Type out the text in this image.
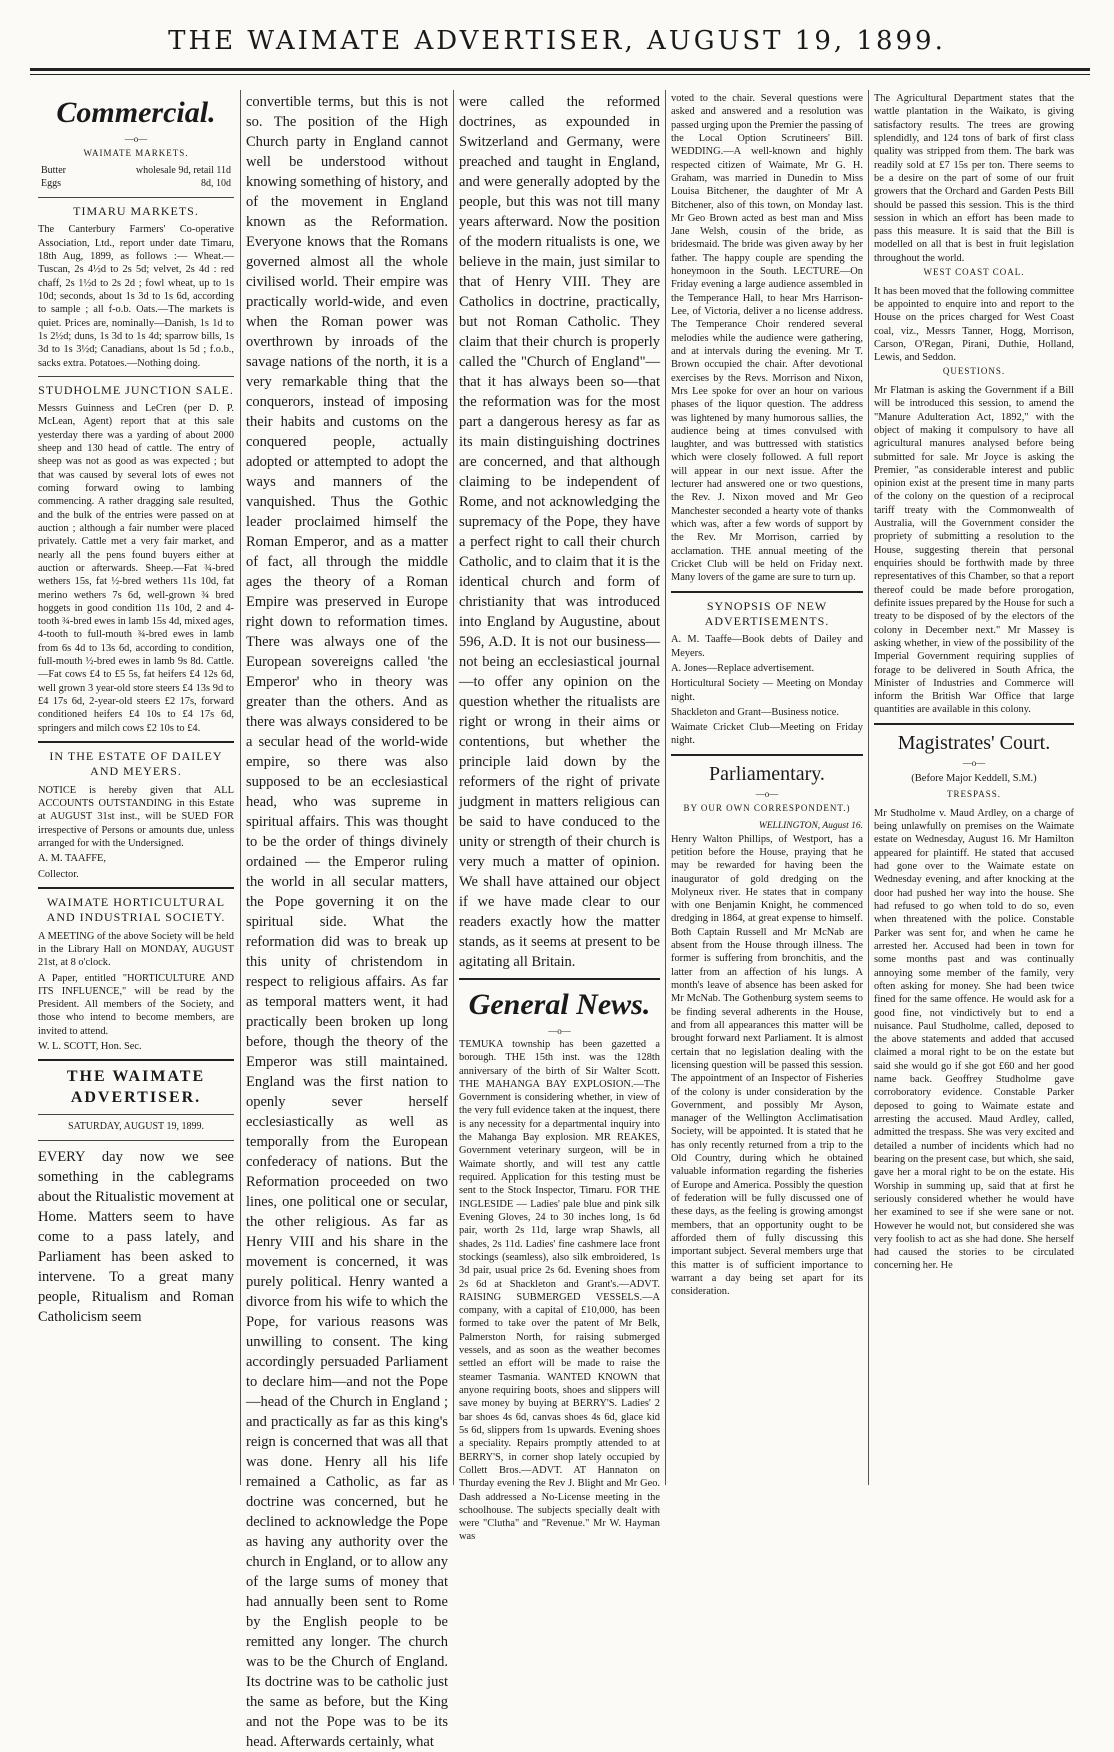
THE WAIMATE ADVERTISER, AUGUST 19, 1899.
Commercial.
—o—
WAIMATE MARKETS.
Butter	wholesale 9d, retail 11d
Eggs	8d, 10d
TIMARU MARKETS.

The Canterbury Farmers' Co-operative Association, Ltd., report under date Timaru, 18th Aug, 1899, as follows :— Wheat.—Tuscan, 2s 4½d to 2s 5d; velvet, 2s 4d : red chaff, 2s 1½d to 2s 2d ; fowl wheat, up to 1s 10d; seconds, about 1s 3d to 1s 6d, according to sample ; all f-o.b. Oats.—The markets is quiet. Prices are, nominally—Danish, 1s 1d to 1s 2½d; duns, 1s 3d to 1s 4d; sparrow bills, 1s 3d to 1s 3½d; Canadians, about 1s 5d ; f.o.b., sacks extra. Potatoes.—Nothing doing.

STUDHOLME JUNCTION SALE.

Messrs Guinness and LeCren (per D. P. McLean, Agent) report that at this sale yesterday there was a yarding of about 2000 sheep and 130 head of cattle. The entry of sheep was not as good as was expected ; but that was caused by several lots of ewes not coming forward owing to lambing commencing. A rather dragging sale resulted, and the bulk of the entries were passed on at auction ; although a fair number were placed privately. Cattle met a very fair market, and nearly all the pens found buyers either at auction or afterwards. Sheep.—Fat ¾-bred wethers 15s, fat ½-bred wethers 11s 10d, fat merino wethers 7s 6d, well-grown ¾ bred hoggets in good condition 11s 10d, 2 and 4-tooth ¾-bred ewes in lamb 15s 4d, mixed ages, 4-tooth to full-mouth ¾-bred ewes in lamb from 6s 4d to 13s 6d, according to condition, full-mouth ½-bred ewes in lamb 9s 8d. Cattle.—Fat cows £4 to £5 5s, fat heifers £4 12s 6d, well grown 3 year-old store steers £4 13s 9d to £4 17s 6d, 2-year-old steers £2 17s, forward conditioned heifers £4 10s to £4 17s 6d, springers and milch cows £2 10s to £4.

IN THE ESTATE OF DAILEY AND MEYERS.

NOTICE is hereby given that ALL ACCOUNTS OUTSTANDING in this Estate at AUGUST 31st inst., will be SUED FOR irrespective of Persons or amounts due, unless arranged for with the Undersigned.

A. M. TAAFFE,

Collector.

WAIMATE HORTICULTURAL AND INDUSTRIAL SOCIETY.

A MEETING of the above Society will be held in the Library Hall on MONDAY, AUGUST 21st, at 8 o'clock.

A Paper, entitled "HORTICULTURE AND ITS INFLUENCE," will be read by the President. All members of the Society, and those who intend to become members, are invited to attend.

W. L. SCOTT, Hon. Sec.

THE WAIMATE ADVERTISER.
SATURDAY, AUGUST 19, 1899.

EVERY day now we see something in the cablegrams about the Ritualistic movement at Home. Matters seem to have come to a pass lately, and Parliament has been asked to intervene. To a great many people, Ritualism and Roman Catholicism seem

convertible terms, but this is not so. The position of the High Church party in England cannot well be understood without knowing something of history, and of the movement in England known as the Reformation. Everyone knows that the Romans governed almost all the whole civilised world. Their empire was practically world-wide, and even when the Roman power was overthrown by inroads of the savage nations of the north, it is a very remarkable thing that the conquerors, instead of imposing their habits and customs on the conquered people, actually adopted or attempted to adopt the ways and manners of the vanquished. Thus the Gothic leader proclaimed himself the Roman Emperor, and as a matter of fact, all through the middle ages the theory of a Roman Empire was preserved in Europe right down to reformation times. There was always one of the European sovereigns called 'the Emperor' who in theory was greater than the others. And as there was always considered to be a secular head of the world-wide empire, so there was also supposed to be an ecclesiastical head, who was supreme in spiritual affairs. This was thought to be the order of things divinely ordained — the Emperor ruling the world in all secular matters, the Pope governing it on the spiritual side. What the reformation did was to break up this unity of christendom in respect to religious affairs. As far as temporal matters went, it had practically been broken up long before, though the theory of the Emperor was still maintained. England was the first nation to openly sever herself ecclesiastically as well as temporally from the European confederacy of nations. But the Reformation proceeded on two lines, one political one or secular, the other religious. As far as Henry VIII and his share in the movement is concerned, it was purely political. Henry wanted a divorce from his wife to which the Pope, for various reasons was unwilling to consent. The king accordingly persuaded Parliament to declare him—and not the Pope—head of the Church in England ; and practically as far as this king's reign is concerned that was all that was done. Henry all his life remained a Catholic, as far as doctrine was concerned, but he declined to acknowledge the Pope as having any authority over the church in England, or to allow any of the large sums of money that had annually been sent to Rome by the English people to be remitted any longer. The church was to be the Church of England. Its doctrine was to be catholic just the same as before, but the King and not the Pope was to be its head. Afterwards certainly, what

were called the reformed doctrines, as expounded in Switzerland and Germany, were preached and taught in England, and were generally adopted by the people, but this was not till many years afterward. Now the position of the modern ritualists is one, we believe in the main, just similar to that of Henry VIII. They are Catholics in doctrine, practically, but not Roman Catholic. They claim that their church is properly called the "Church of England"—that it has always been so—that the reformation was for the most part a dangerous heresy as far as its main distinguishing doctrines are concerned, and that although claiming to be independent of Rome, and not acknowledging the supremacy of the Pope, they have a perfect right to call their church Catholic, and to claim that it is the identical church and form of christianity that was introduced into England by Augustine, about 596, A.D. It is not our business—not being an ecclesiastical journal—to offer any opinion on the question whether the ritualists are right or wrong in their aims or contentions, but whether the principle laid down by the reformers of the right of private judgment in matters religious can be said to have conduced to the unity or strength of their church is very much a matter of opinion. We shall have attained our object if we have made clear to our readers exactly how the matter stands, as it seems at present to be agitating all Britain.

General News.
—o—

TEMUKA township has been gazetted a borough. THE 15th inst. was the 128th anniversary of the birth of Sir Walter Scott. THE MAHANGA BAY EXPLOSION.—The Government is considering whether, in view of the very full evidence taken at the inquest, there is any necessity for a departmental inquiry into the Mahanga Bay explosion. MR REAKES, Government veterinary surgeon, will be in Waimate shortly, and will test any cattle required. Application for this testing must be sent to the Stock Inspector, Timaru. FOR THE INGLESIDE — Ladies' pale blue and pink silk Evening Gloves, 24 to 30 inches long, 1s 6d pair, worth 2s 11d, large wrap Shawls, all shades, 2s 11d. Ladies' fine cashmere lace front stockings (seamless), also silk embroidered, 1s 3d pair, usual price 2s 6d. Evening shoes from 2s 6d at Shackleton and Grant's.—ADVT. RAISING SUBMERGED VESSELS.—A company, with a capital of £10,000, has been formed to take over the patent of Mr Belk, Palmerston North, for raising submerged vessels, and as soon as the weather becomes settled an effort will be made to raise the steamer Tasmania. WANTED KNOWN that anyone requiring boots, shoes and slippers will save money by buying at BERRY'S. Ladies' 2 bar shoes 4s 6d, canvas shoes 4s 6d, glace kid 5s 6d, slippers from 1s upwards. Evening shoes a speciality. Repairs promptly attended to at BERRY'S, in corner shop lately occupied by Collett Bros.—ADVT. AT Hannaton on Thurday evening the Rev J. Blight and Mr Geo. Dash addressed a No-License meeting in the schoolhouse. The subjects specially dealt with were "Clutha" and "Revenue." Mr W. Hayman was

voted to the chair. Several questions were asked and answered and a resolution was passed urging upon the Premier the passing of the Local Option Scrutineers' Bill. WEDDING.—A well-known and highly respected citizen of Waimate, Mr G. H. Graham, was married in Dunedin to Miss Louisa Bitchener, the daughter of Mr A Bitchener, also of this town, on Monday last. Mr Geo Brown acted as best man and Miss Jane Welsh, cousin of the bride, as bridesmaid. The bride was given away by her father. The happy couple are spending the honeymoon in the South. LECTURE—On Friday evening a large audience assembled in the Temperance Hall, to hear Mrs Harrison-Lee, of Victoria, deliver a no license address. The Temperance Choir rendered several melodies while the audience were gathering, and at intervals during the evening. Mr T. Brown occupied the chair. After devotional exercises by the Revs. Morrison and Nixon, Mrs Lee spoke for over an hour on various phases of the liquor question. The address was lightened by many humorous sallies, the audience being at times convulsed with laughter, and was buttressed with statistics which were closely followed. A full report will appear in our next issue. After the lecturer had answered one or two questions, the Rev. J. Nixon moved and Mr Geo Manchester seconded a hearty vote of thanks which was, after a few words of support by the Rev. Mr Morrison, carried by acclamation. THE annual meeting of the Cricket Club will be held on Friday next. Many lovers of the game are sure to turn up.

SYNOPSIS OF NEW ADVERTISEMENTS.

A. M. Taaffe—Book debts of Dailey and Meyers.

A. Jones—Replace advertisement.

Horticultural Society — Meeting on Monday night.

Shackleton and Grant—Business notice.

Waimate Cricket Club—Meeting on Friday night.

Parliamentary.
—o—
BY OUR OWN CORRESPONDENT.)
WELLINGTON, August 16.

Henry Walton Phillips, of Westport, has a petition before the House, praying that he may be rewarded for having been the inaugurator of gold dredging on the Molyneux river. He states that in company with one Benjamin Knight, he commenced dredging in 1864, at great expense to himself. Both Captain Russell and Mr McNab are absent from the House through illness. The former is suffering from bronchitis, and the latter from an affection of his lungs. A month's leave of absence has been asked for Mr McNab. The Gothenburg system seems to be finding several adherents in the House, and from all appearances this matter will be brought forward next Parliament. It is almost certain that no legislation dealing with the licensing question will be passed this session. The appointment of an Inspector of Fisheries of the colony is under consideration by the Government, and possibly Mr Ayson, manager of the Wellington Acclimatisation Society, will be appointed. It is stated that he has only recently returned from a trip to the Old Country, during which he obtained valuable information regarding the fisheries of Europe and America. Possibly the question of federation will be fully discussed one of these days, as the feeling is growing amongst members, that an opportunity ought to be afforded them of fully discussing this important subject. Several members urge that this matter is of sufficient importance to warrant a day being set apart for its consideration.

The Agricultural Department states that the wattle plantation in the Waikato, is giving satisfactory results. The trees are growing splendidly, and 124 tons of bark of first class quality was stripped from them. The bark was readily sold at £7 15s per ton. There seems to be a desire on the part of some of our fruit growers that the Orchard and Garden Pests Bill should be passed this session. This is the third session in which an effort has been made to pass this measure. It is said that the Bill is modelled on all that is best in fruit legislation throughout the world.

WEST COAST COAL.

It has been moved that the following committee be appointed to enquire into and report to the House on the prices charged for West Coast coal, viz., Messrs Tanner, Hogg, Morrison, Carson, O'Regan, Pirani, Duthie, Holland, Lewis, and Seddon.

QUESTIONS.

Mr Flatman is asking the Government if a Bill will be introduced this session, to amend the "Manure Adulteration Act, 1892," with the object of making it compulsory to have all agricultural manures analysed before being submitted for sale. Mr Joyce is asking the Premier, "as considerable interest and public opinion exist at the present time in many parts of the colony on the question of a reciprocal tariff treaty with the Commonwealth of Australia, will the Government consider the propriety of submitting a resolution to the House, suggesting therein that personal enquiries should be forthwith made by three representatives of this Chamber, so that a report thereof could be made before prorogation, definite issues prepared by the House for such a treaty to be disposed of by the electors of the colony in December next." Mr Massey is asking whether, in view of the possibility of the Imperial Government requiring supplies of forage to be delivered in South Africa, the Minister of Industries and Commerce will inform the British War Office that large quantities are available in this colony.

Magistrates' Court.
—o—
(Before Major Keddell, S.M.)
TRESPASS.

Mr Studholme v. Maud Ardley, on a charge of being unlawfully on premises on the Waimate estate on Wednesday, August 16. Mr Hamilton appeared for plaintiff. He stated that accused had gone over to the Waimate estate on Wednesday evening, and after knocking at the door had pushed her way into the house. She had refused to go when told to do so, even when threatened with the police. Constable Parker was sent for, and when he came he arrested her. Accused had been in town for some months past and was continually annoying some member of the family, very often asking for money. She had been twice fined for the same offence. He would ask for a good fine, not vindictively but to end a nuisance. Paul Studholme, called, deposed to the above statements and added that accused claimed a moral right to be on the estate but said she would go if she got £60 and her good name back. Geoffrey Studholme gave corroboratory evidence. Constable Parker deposed to going to Waimate estate and arresting the accused. Maud Ardley, called, admitted the trespass. She was very excited and detailed a number of incidents which had no bearing on the present case, but which, she said, gave her a moral right to be on the estate. His Worship in summing up, said that at first he seriously considered whether he would have her examined to see if she were sane or not. However he would not, but considered she was very foolish to act as she had done. She herself had caused the stories to be circulated concerning her. He
